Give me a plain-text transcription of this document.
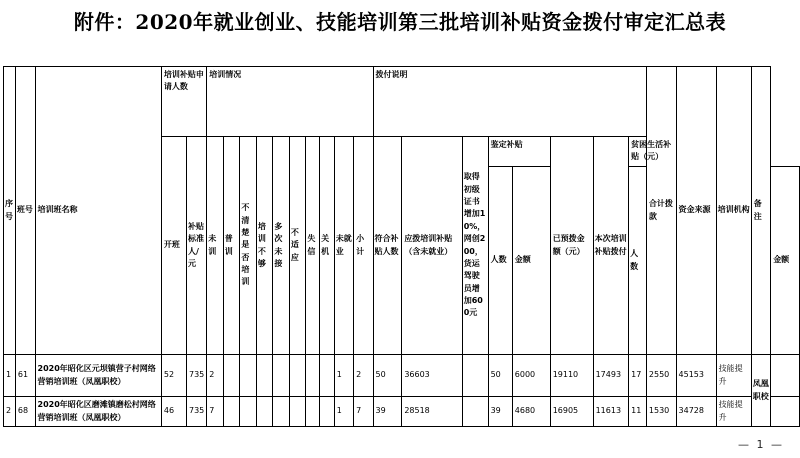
附件：2020年就业创业、技能培训第三批培训补贴资金拨付审定汇总表
序号	班号	培训班名称	培训补贴申请人数		培训情况										拨付说明								合计拨款	资金来源	培训机构	备注	
			开班	补贴标准人/元	未训	普训	不清楚是否培训	培训不够	多次未接	不适应	失信	关机	未就业	小计	符合补贴人数	应拨培训补贴（含未就业）	取得初级证书增加10%，网创200，货运驾驶员增加600元	鉴定补贴		已预拨金额（元）	本次培训补贴拨付	贫困生活补贴（元）					
																		人数	金额			人数					金额
1	61	2020年昭化区元坝镇营子村网络营销培训班（凤凰职校）	52	735	2								1	2	50	36603		50	6000	19110	17493	17	2550	45153	技能提升	凤凰职校	
2	68	2020年昭化区磨滩镇磨松村网络营销培训班（凤凰职校）	46	735	7								1	7	39	28518		39	4680	16905	11613	11	1530	34728	技能提升		
— 1 —
